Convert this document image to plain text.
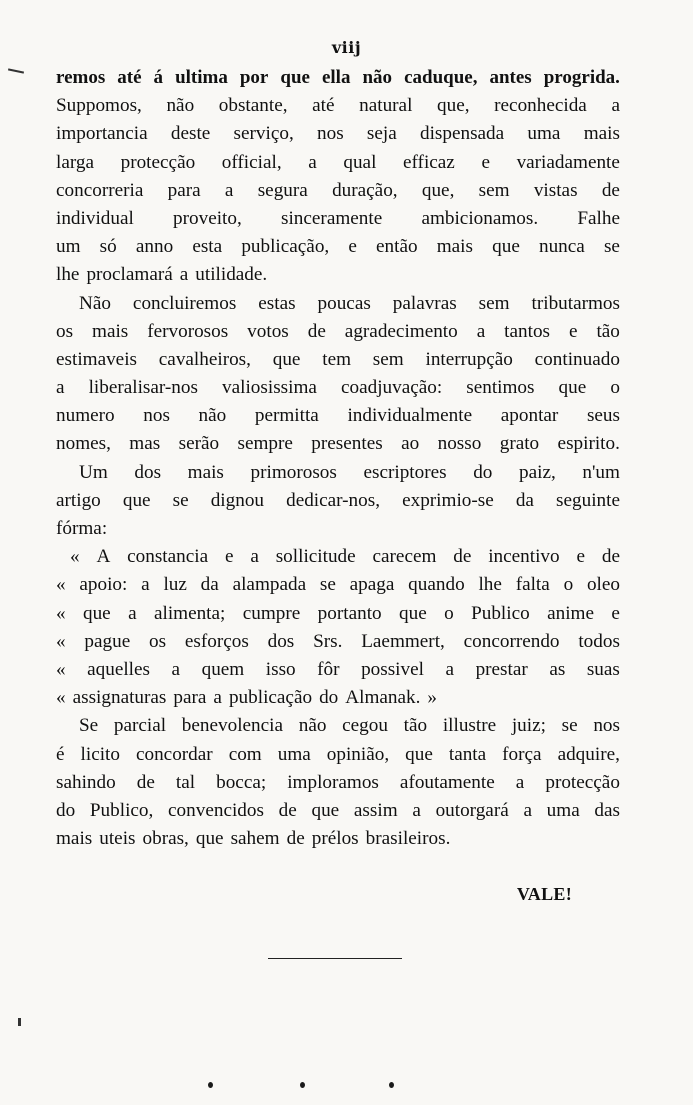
viij
remos até á ultima por que ella não caduque, antes progrida.
Suppomos, não obstante, até natural que, reconhecida a
importancia deste serviço, nos seja dispensada uma mais
larga protecção official, a qual efficaz e variadamente
concorreria para a segura duração, que, sem vistas de
individual proveito, sinceramente ambicionamos. Falhe
um só anno esta publicação, e então mais que nunca se
lhe proclamará a utilidade.
Não concluiremos estas poucas palavras sem tributarmos
os mais fervorosos votos de agradecimento a tantos e tão
estimaveis cavalheiros, que tem sem interrupção continuado
a liberalisar-nos valiosissima coadjuvação: sentimos que o
numero nos não permitta individualmente apontar seus
nomes, mas serão sempre presentes ao nosso grato espirito.
Um dos mais primorosos escriptores do paiz, n'um
artigo que se dignou dedicar-nos, exprimio-se da seguinte
fórma:
« A constancia e a sollicitude carecem de incentivo e de
« apoio: a luz da alampada se apaga quando lhe falta o oleo
« que a alimenta; cumpre portanto que o Publico anime e
« pague os esforços dos Srs. Laemmert, concorrendo todos
« aquelles a quem isso fôr possivel a prestar as suas
« assignaturas para a publicação do Almanak. »
Se parcial benevolencia não cegou tão illustre juiz; se nos
é licito concordar com uma opinião, que tanta força adquire,
sahindo de tal bocca; imploramos afoutamente a protecção
do Publico, convencidos de que assim a outorgará a uma das
mais uteis obras, que sahem de prélos brasileiros.
VALE!
